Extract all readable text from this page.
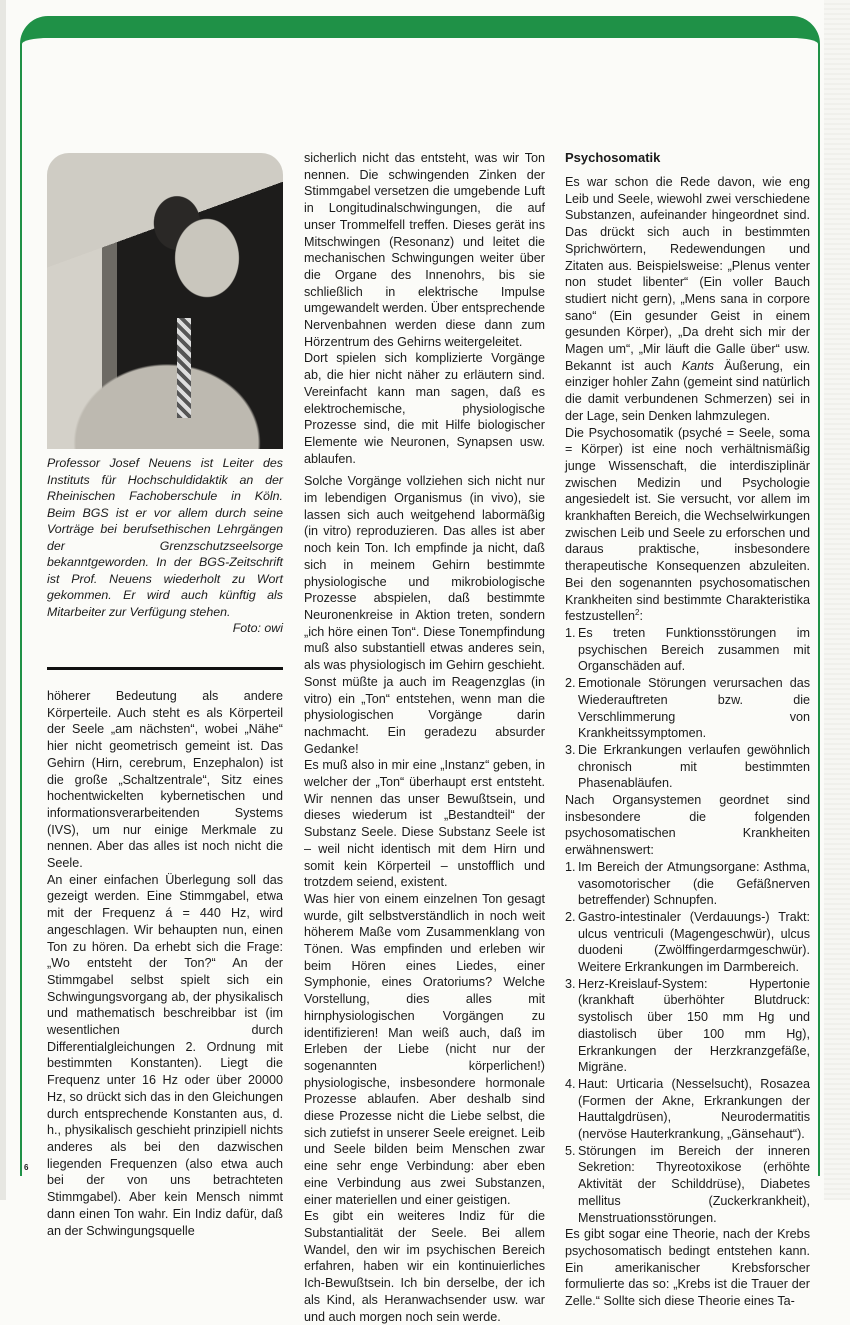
Professor Josef Neuens ist Leiter des Instituts für Hochschuldidaktik an der Rheinischen Fachoberschule in Köln. Beim BGS ist er vor allem durch seine Vorträge bei berufsethischen Lehrgängen der Grenzschutzseelsorge bekanntgeworden. In der BGS-Zeitschrift ist Prof. Neuens wiederholt zu Wort gekommen. Er wird auch künftig als Mitarbeiter zur Verfügung stehen.
Foto: owi

höherer Bedeutung als andere Körperteile. Auch steht es als Körperteil der Seele „am nächsten“, wobei „Nähe“ hier nicht geometrisch gemeint ist. Das Gehirn (Hirn, cerebrum, Enzephalon) ist die große „Schaltzentrale“, Sitz eines hochentwickelten kybernetischen und informationsverarbeitenden Systems (IVS), um nur einige Merkmale zu nennen. Aber das alles ist noch nicht die Seele.

An einer einfachen Überlegung soll das gezeigt werden. Eine Stimmgabel, etwa mit der Frequenz á = 440 Hz, wird angeschlagen. Wir behaupten nun, einen Ton zu hören. Da erhebt sich die Frage: „Wo entsteht der Ton?“ An der Stimmgabel selbst spielt sich ein Schwingungsvorgang ab, der physikalisch und mathematisch beschreibbar ist (im wesentlichen durch Differentialgleichungen 2. Ordnung mit bestimmten Konstanten). Liegt die Frequenz unter 16 Hz oder über 20000 Hz, so drückt sich das in den Gleichungen durch entsprechende Konstanten aus, d. h., physikalisch geschieht prinzipiell nichts anderes als bei den dazwischen liegenden Frequenzen (also etwa auch bei der von uns betrachteten Stimmgabel). Aber kein Mensch nimmt dann einen Ton wahr. Ein Indiz dafür, daß an der Schwingungsquelle

sicherlich nicht das entsteht, was wir Ton nennen. Die schwingenden Zinken der Stimmgabel versetzen die umgebende Luft in Longitudinalschwingungen, die auf unser Trommelfell treffen. Dieses gerät ins Mitschwingen (Resonanz) und leitet die mechanischen Schwingungen weiter über die Organe des Innenohrs, bis sie schließlich in elektrische Impulse umgewandelt werden. Über entsprechende Nervenbahnen werden diese dann zum Hörzentrum des Gehirns weitergeleitet.

Dort spielen sich komplizierte Vorgänge ab, die hier nicht näher zu erläutern sind. Vereinfacht kann man sagen, daß es elektrochemische, physiologische Prozesse sind, die mit Hilfe biologischer Elemente wie Neuronen, Synapsen usw. ablaufen.

Solche Vorgänge vollziehen sich nicht nur im lebendigen Organismus (in vivo), sie lassen sich auch weitgehend labormäßig (in vitro) reproduzieren. Das alles ist aber noch kein Ton. Ich empfinde ja nicht, daß sich in meinem Gehirn bestimmte physiologische und mikrobiologische Prozesse abspielen, daß bestimmte Neuronenkreise in Aktion treten, sondern „ich höre einen Ton“. Diese Tonempfindung muß also substantiell etwas anderes sein, als was physiologisch im Gehirn geschieht. Sonst müßte ja auch im Reagenzglas (in vitro) ein „Ton“ entstehen, wenn man die physiologischen Vorgänge darin nachmacht. Ein geradezu absurder Gedanke!

Es muß also in mir eine „Instanz“ geben, in welcher der „Ton“ überhaupt erst entsteht. Wir nennen das unser Bewußtsein, und dieses wiederum ist „Bestandteil“ der Substanz Seele. Diese Substanz Seele ist – weil nicht identisch mit dem Hirn und somit kein Körperteil – unstofflich und trotzdem seiend, existent.

Was hier von einem einzelnen Ton gesagt wurde, gilt selbstverständlich in noch weit höherem Maße vom Zusammenklang von Tönen. Was empfinden und erleben wir beim Hören eines Liedes, einer Symphonie, eines Oratoriums? Welche Vorstellung, dies alles mit hirnphysiologischen Vorgängen zu identifizieren! Man weiß auch, daß im Erleben der Liebe (nicht nur der sogenannten körperlichen!) physiologische, insbesondere hormonale Prozesse ablaufen. Aber deshalb sind diese Prozesse nicht die Liebe selbst, die sich zutiefst in unserer Seele ereignet. Leib und Seele bilden beim Menschen zwar eine sehr enge Verbindung: aber eben eine Verbindung aus zwei Substanzen, einer materiellen und einer geistigen.

Es gibt ein weiteres Indiz für die Substantialität der Seele. Bei allem Wandel, den wir im psychischen Bereich erfahren, haben wir ein kontinuierliches Ich-Bewußtsein. Ich bin derselbe, der ich als Kind, als Heranwachsender usw. war und auch morgen noch sein werde.

Psychosomatik

Es war schon die Rede davon, wie eng Leib und Seele, wiewohl zwei verschiedene Substanzen, aufeinander hingeordnet sind. Das drückt sich auch in bestimmten Sprichwörtern, Redewendungen und Zitaten aus. Beispielsweise: „Plenus venter non studet libenter“ (Ein voller Bauch studiert nicht gern), „Mens sana in corpore sano“ (Ein gesunder Geist in einem gesunden Körper), „Da dreht sich mir der Magen um“, „Mir läuft die Galle über“ usw. Bekannt ist auch Kants Äußerung, ein einziger hohler Zahn (gemeint sind natürlich die damit verbundenen Schmerzen) sei in der Lage, sein Denken lahmzulegen.

Die Psychosomatik (psyché = Seele, soma = Körper) ist eine noch verhältnismäßig junge Wissenschaft, die interdisziplinär zwischen Medizin und Psychologie angesiedelt ist. Sie versucht, vor allem im krankhaften Bereich, die Wechselwirkungen zwischen Leib und Seele zu erforschen und daraus praktische, insbesondere therapeutische Konsequenzen abzuleiten. Bei den sogenannten psychosomatischen Krankheiten sind bestimmte Charakteristika festzustellen$^2$:

1. Es treten Funktionsstörungen im psychischen Bereich zusammen mit Organschäden auf.
2. Emotionale Störungen verursachen das Wiederauftreten bzw. die Verschlimmerung von Krankheitssymptomen.
3. Die Erkrankungen verlaufen gewöhnlich chronisch mit bestimmten Phasenabläufen.

Nach Organsystemen geordnet sind insbesondere die folgenden psychosomatischen Krankheiten erwähnenswert:

1. Im Bereich der Atmungsorgane: Asthma, vasomotorischer (die Gefäßnerven betreffender) Schnupfen.
2. Gastro-intestinaler (Verdauungs-) Trakt: ulcus ventriculi (Magengeschwür), ulcus duodeni (Zwölffingerdarmgeschwür). Weitere Erkrankungen im Darmbereich.
3. Herz-Kreislauf-System: Hypertonie (krankhaft überhöhter Blutdruck: systolisch über 150 mm Hg und diastolisch über 100 mm Hg), Erkrankungen der Herzkranzgefäße, Migräne.
4. Haut: Urticaria (Nesselsucht), Rosazea (Formen der Akne, Erkrankungen der Hauttalgdrüsen), Neurodermatitis (nervöse Hauterkrankung, „Gänsehaut“).
5. Störungen im Bereich der inneren Sekretion: Thyreotoxikose (erhöhte Aktivität der Schilddrüse), Diabetes mellitus (Zuckerkrankheit), Menstruationsstörungen.

Es gibt sogar eine Theorie, nach der Krebs psychosomatisch bedingt entstehen kann. Ein amerikanischer Krebsforscher formulierte das so: „Krebs ist die Trauer der Zelle.“ Sollte sich diese Theorie eines Ta-

6
